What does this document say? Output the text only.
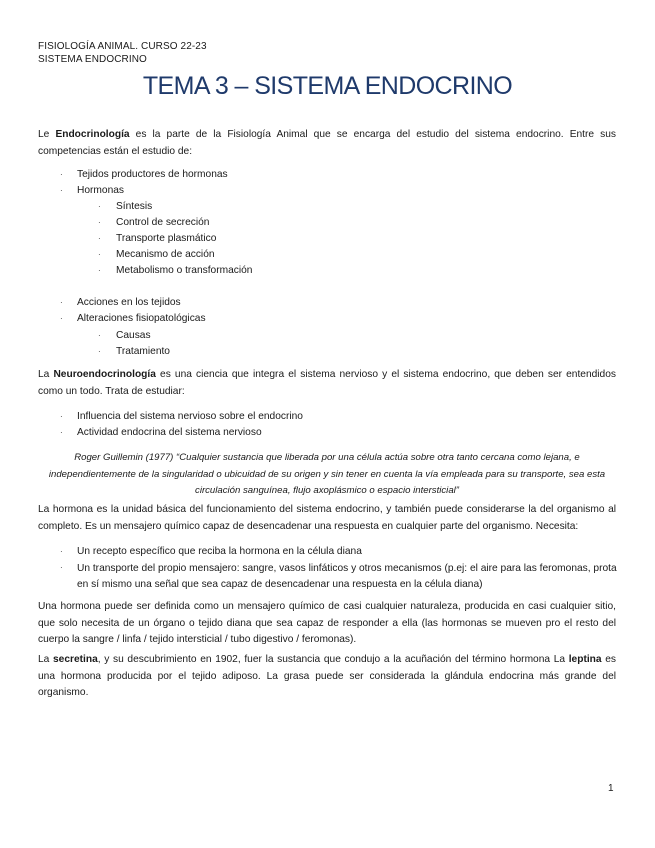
FISIOLOGÍA ANIMAL. CURSO 22-23
SISTEMA ENDOCRINO
TEMA 3 – SISTEMA ENDOCRINO

Le Endocrinología es la parte de la Fisiología Animal que se encarga del estudio del sistema endocrino. Entre sus competencias están el estudio de:

· Tejidos productores de hormonas
· Hormonas
· Síntesis
· Control de secreción
· Transporte plasmático
· Mecanismo de acción
· Metabolismo o transformación
· Acciones en los tejidos
· Alteraciones fisiopatológicas
· Causas
· Tratamiento

La Neuroendocrinología es una ciencia que integra el sistema nervioso y el sistema endocrino, que deben ser entendidos como un todo. Trata de estudiar:

· Influencia del sistema nervioso sobre el endocrino
· Actividad endocrina del sistema nervioso

Roger Guillemin (1977) “Cualquier sustancia que liberada por una célula actúa sobre otra tanto cercana como lejana, e independientemente de la singularidad o ubicuidad de su origen y sin tener en cuenta la vía empleada para su transporte, sea esta circulación sanguínea, flujo axoplásmico o espacio intersticial”

La hormona es la unidad básica del funcionamiento del sistema endocrino, y también puede considerarse la del organismo al completo. Es un mensajero químico capaz de desencadenar una respuesta en cualquier parte del organismo. Necesita:

· Un recepto específico que reciba la hormona en la célula diana
· Un transporte del propio mensajero: sangre, vasos linfáticos y otros mecanismos (p.ej: el aire para las feromonas, prota en sí mismo una señal que sea capaz de desencadenar una respuesta en la célula diana)

Una hormona puede ser definida como un mensajero químico de casi cualquier naturaleza, producida en casi cualquier sitio, que solo necesita de un órgano o tejido diana que sea capaz de responder a ella (las hormonas se mueven pro el resto del cuerpo la sangre / linfa / tejido intersticial / tubo digestivo / feromonas).

La secretina, y su descubrimiento en 1902, fuer la sustancia que condujo a la acuñación del término hormona La leptina es una hormona producida por el tejido adiposo. La grasa puede ser considerada la glándula endocrina más grande del organismo.

1
